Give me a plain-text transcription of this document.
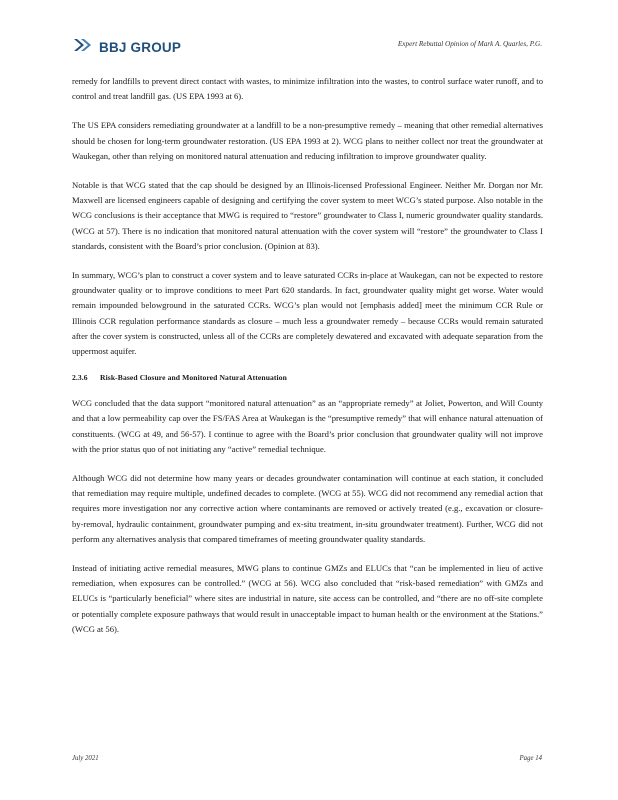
BBJ GROUP	Expert Rebuttal Opinion of Mark A. Quarles, P.G.

remedy for landfills to prevent direct contact with wastes, to minimize infiltration into the wastes, to control surface water runoff, and to control and treat landfill gas. (US EPA 1993 at 6).

The US EPA considers remediating groundwater at a landfill to be a non-presumptive remedy – meaning that other remedial alternatives should be chosen for long-term groundwater restoration. (US EPA 1993 at 2). WCG plans to neither collect nor treat the groundwater at Waukegan, other than relying on monitored natural attenuation and reducing infiltration to improve groundwater quality.

Notable is that WCG stated that the cap should be designed by an Illinois-licensed Professional Engineer. Neither Mr. Dorgan nor Mr. Maxwell are licensed engineers capable of designing and certifying the cover system to meet WCG’s stated purpose. Also notable in the WCG conclusions is their acceptance that MWG is required to “restore” groundwater to Class I, numeric groundwater quality standards. (WCG at 57). There is no indication that monitored natural attenuation with the cover system will “restore” the groundwater to Class I standards, consistent with the Board’s prior conclusion. (Opinion at 83).

In summary, WCG’s plan to construct a cover system and to leave saturated CCRs in-place at Waukegan, can not be expected to restore groundwater quality or to improve conditions to meet Part 620 standards. In fact, groundwater quality might get worse. Water would remain impounded belowground in the saturated CCRs. WCG’s plan would not [emphasis added] meet the minimum CCR Rule or Illinois CCR regulation performance standards as closure – much less a groundwater remedy – because CCRs would remain saturated after the cover system is constructed, unless all of the CCRs are completely dewatered and excavated with adequate separation from the uppermost aquifer.

2.3.6 Risk-Based Closure and Monitored Natural Attenuation

WCG concluded that the data support “monitored natural attenuation” as an “appropriate remedy” at Joliet, Powerton, and Will County and that a low permeability cap over the FS/FAS Area at Waukegan is the “presumptive remedy” that will enhance natural attenuation of constituents. (WCG at 49, and 56-57). I continue to agree with the Board’s prior conclusion that groundwater quality will not improve with the prior status quo of not initiating any “active” remedial technique.

Although WCG did not determine how many years or decades groundwater contamination will continue at each station, it concluded that remediation may require multiple, undefined decades to complete. (WCG at 55). WCG did not recommend any remedial action that requires more investigation nor any corrective action where contaminants are removed or actively treated (e.g., excavation or closure-by-removal, hydraulic containment, groundwater pumping and ex-situ treatment, in-situ groundwater treatment). Further, WCG did not perform any alternatives analysis that compared timeframes of meeting groundwater quality standards.

Instead of initiating active remedial measures, MWG plans to continue GMZs and ELUCs that “can be implemented in lieu of active remediation, when exposures can be controlled.” (WCG at 56). WCG also concluded that “risk-based remediation” with GMZs and ELUCs is “particularly beneficial” where sites are industrial in nature, site access can be controlled, and “there are no off-site complete or potentially complete exposure pathways that would result in unacceptable impact to human health or the environment at the Stations.” (WCG at 56).

July 2021	Page 14
